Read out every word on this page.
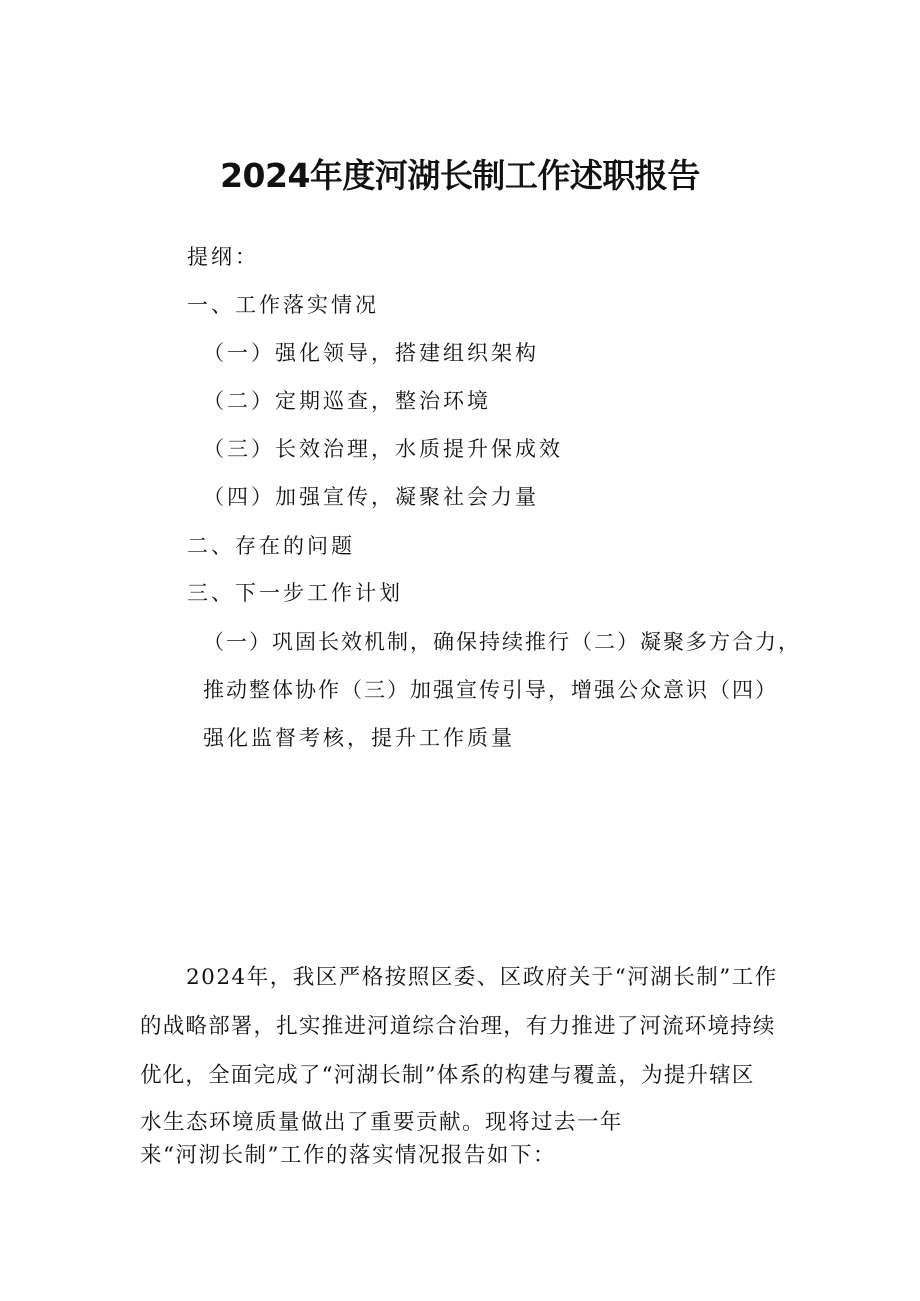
2024年度河湖长制工作述职报告
提纲：
一、工作落实情况
（一）强化领导，搭建组织架构
（二）定期巡查，整治环境
（三）长效治理，水质提升保成效
（四）加强宣传，凝聚社会力量
二、存在的问题
三、下一步工作计划
（一）巩固长效机制，确保持续推行（二）凝聚多方合力，
推动整体协作（三）加强宣传引导，增强公众意识（四）
强化监督考核，提升工作质量
2024年，我区严格按照区委、区政府关于“河湖长制”工作
的战略部署，扎实推进河道综合治理，有力推进了河流环境持续
优化，全面完成了“河湖长制”体系的构建与覆盖，为提升辖区
水生态环境质量做出了重要贡献。现将过去一年
来“河沏长制”工作的落实情况报告如下：
